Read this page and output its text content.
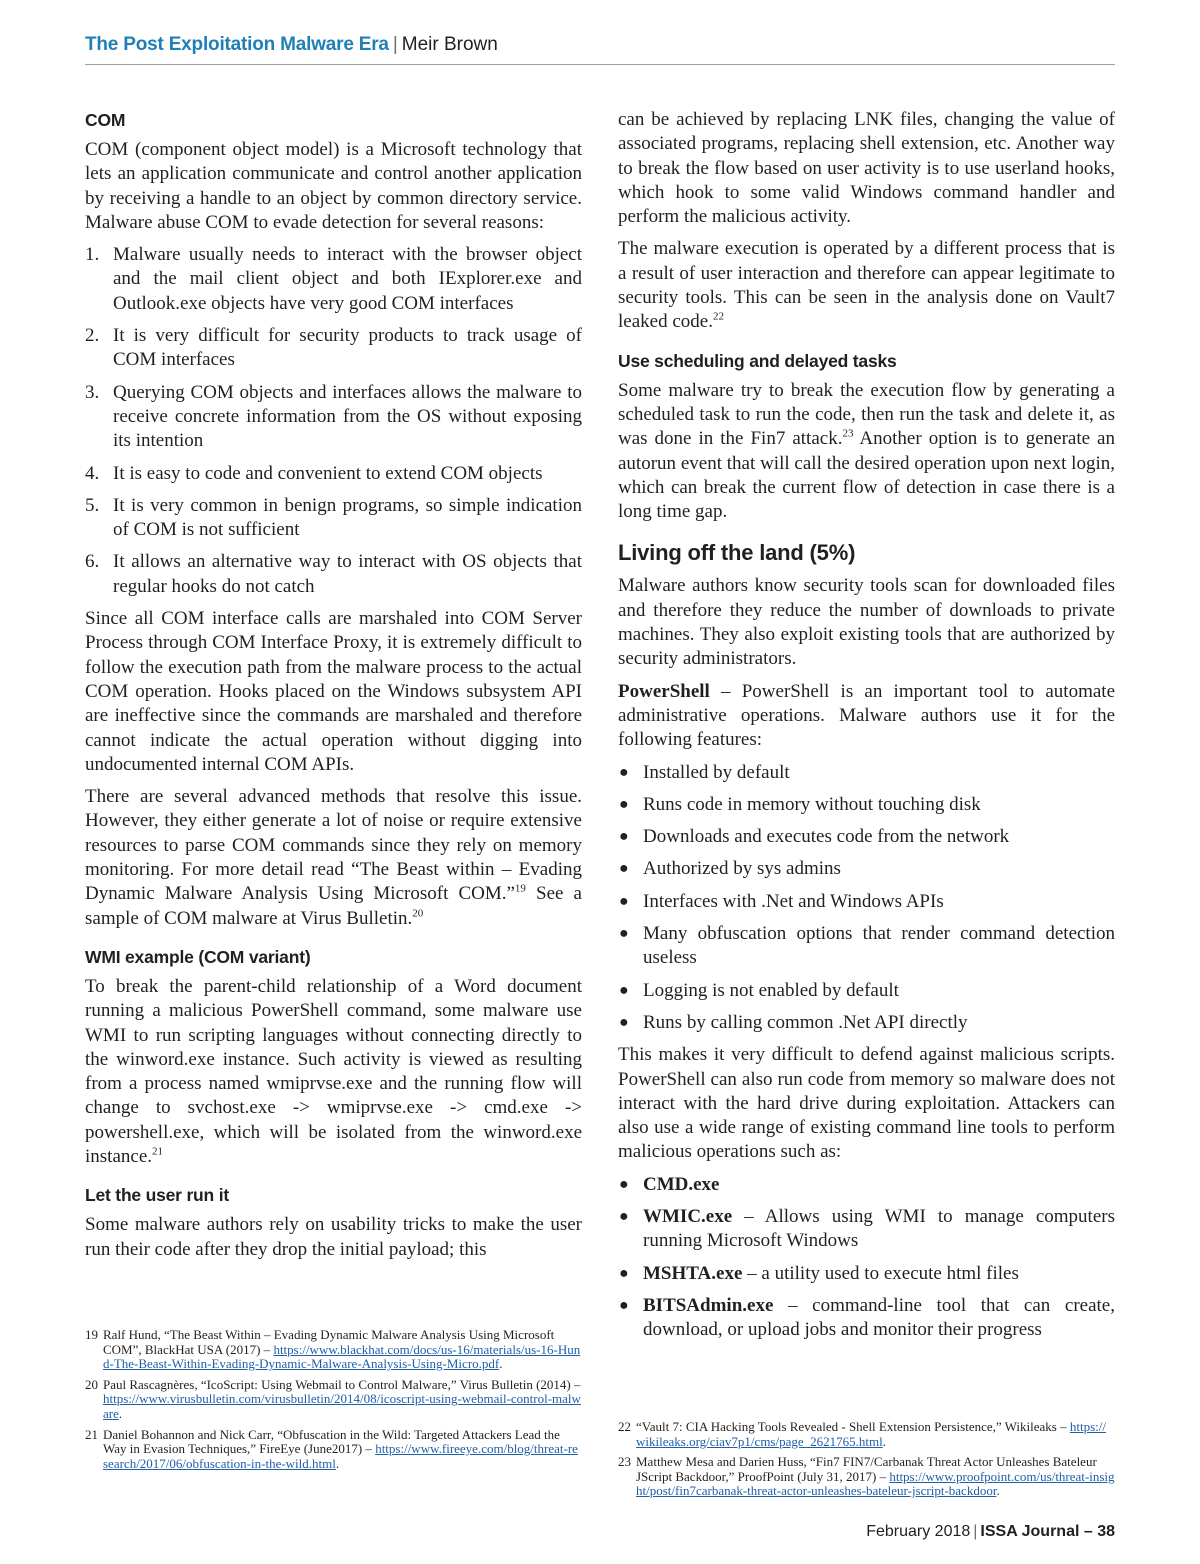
The Post Exploitation Malware Era | Meir Brown
COM

COM (component object model) is a Microsoft technology that lets an application communicate and control another application by receiving a handle to an object by common directory service. Malware abuse COM to evade detection for several reasons:

1. Malware usually needs to interact with the browser object and the mail client object and both IExplorer.exe and Outlook.exe objects have very good COM interfaces
2. It is very difficult for security products to track usage of COM interfaces
3. Querying COM objects and interfaces allows the malware to receive concrete information from the OS without exposing its intention
4. It is easy to code and convenient to extend COM objects
5. It is very common in benign programs, so simple indication of COM is not sufficient
6. It allows an alternative way to interact with OS objects that regular hooks do not catch

Since all COM interface calls are marshaled into COM Server Process through COM Interface Proxy, it is extremely difficult to follow the execution path from the malware process to the actual COM operation. Hooks placed on the Windows subsystem API are ineffective since the commands are marshaled and therefore cannot indicate the actual operation without digging into undocumented internal COM APIs.

There are several advanced methods that resolve this issue. However, they either generate a lot of noise or require extensive resources to parse COM commands since they rely on memory monitoring. For more detail read “The Beast within – Evading Dynamic Malware Analysis Using Microsoft COM.”$^{19}$ See a sample of COM malware at Virus Bulletin.$^{20}$

WMI example (COM variant)

To break the parent-child relationship of a Word document running a malicious PowerShell command, some malware use WMI to run scripting languages without connecting directly to the winword.exe instance. Such activity is viewed as resulting from a process named wmiprvse.exe and the running flow will change to svchost.exe -> wmiprvse.exe -> cmd.exe -> powershell.exe, which will be isolated from the winword.exe instance.$^{21}$

Let the user run it

Some malware authors rely on usability tricks to make the user run their code after they drop the initial payload; this

can be achieved by replacing LNK files, changing the value of associated programs, replacing shell extension, etc. Another way to break the flow based on user activity is to use userland hooks, which hook to some valid Windows command handler and perform the malicious activity.

The malware execution is operated by a different process that is a result of user interaction and therefore can appear legitimate to security tools. This can be seen in the analysis done on Vault7 leaked code.$^{22}$

Use scheduling and delayed tasks

Some malware try to break the execution flow by generating a scheduled task to run the code, then run the task and delete it, as was done in the Fin7 attack.$^{23}$ Another option is to generate an autorun event that will call the desired operation upon next login, which can break the current flow of detection in case there is a long time gap.

Living off the land (5%)

Malware authors know security tools scan for downloaded files and therefore they reduce the number of downloads to private machines. They also exploit existing tools that are authorized by security administrators.

PowerShell – PowerShell is an important tool to automate administrative operations. Malware authors use it for the following features:

● Installed by default
● Runs code in memory without touching disk
● Downloads and executes code from the network
● Authorized by sys admins
● Interfaces with .Net and Windows APIs
● Many obfuscation options that render command detection useless
● Logging is not enabled by default
● Runs by calling common .Net API directly

This makes it very difficult to defend against malicious scripts. PowerShell can also run code from memory so malware does not interact with the hard drive during exploitation. Attackers can also use a wide range of existing command line tools to perform malicious operations such as:

● CMD.exe
● WMIC.exe – Allows using WMI to manage computers running Microsoft Windows
● MSHTA.exe – a utility used to execute html files
● BITSAdmin.exe – command-line tool that can create, download, or upload jobs and monitor their progress
19 Ralf Hund, “The Beast Within – Evading Dynamic Malware Analysis Using Microsoft COM”, BlackHat USA (2017) – https://www.blackhat.com/docs/us-16/materials/us-16-Hund-The-Beast-Within-Evading-Dynamic-Malware-Analysis-Using-Micro.pdf.
20 Paul Rascagnères, “IcoScript: Using Webmail to Control Malware,” Virus Bulletin (2014) – https://www.virusbulletin.com/virusbulletin/2014/08/icoscript-using-webmail-control-malware.
21 Daniel Bohannon and Nick Carr, “Obfuscation in the Wild: Targeted Attackers Lead the Way in Evasion Techniques,” FireEye (June2017) – https://www.fireeye.com/blog/threat-research/2017/06/obfuscation-in-the-wild.html.
22 “Vault 7: CIA Hacking Tools Revealed - Shell Extension Persistence,” Wikileaks – https://wikileaks.org/ciav7p1/cms/page_2621765.html.
23 Matthew Mesa and Darien Huss, “Fin7 FIN7/Carbanak Threat Actor Unleashes Bateleur JScript Backdoor,” ProofPoint (July 31, 2017) – https://www.proofpoint.com/us/threat-insight/post/fin7carbanak-threat-actor-unleashes-bateleur-jscript-backdoor.
February 2018 | ISSA Journal – 38
